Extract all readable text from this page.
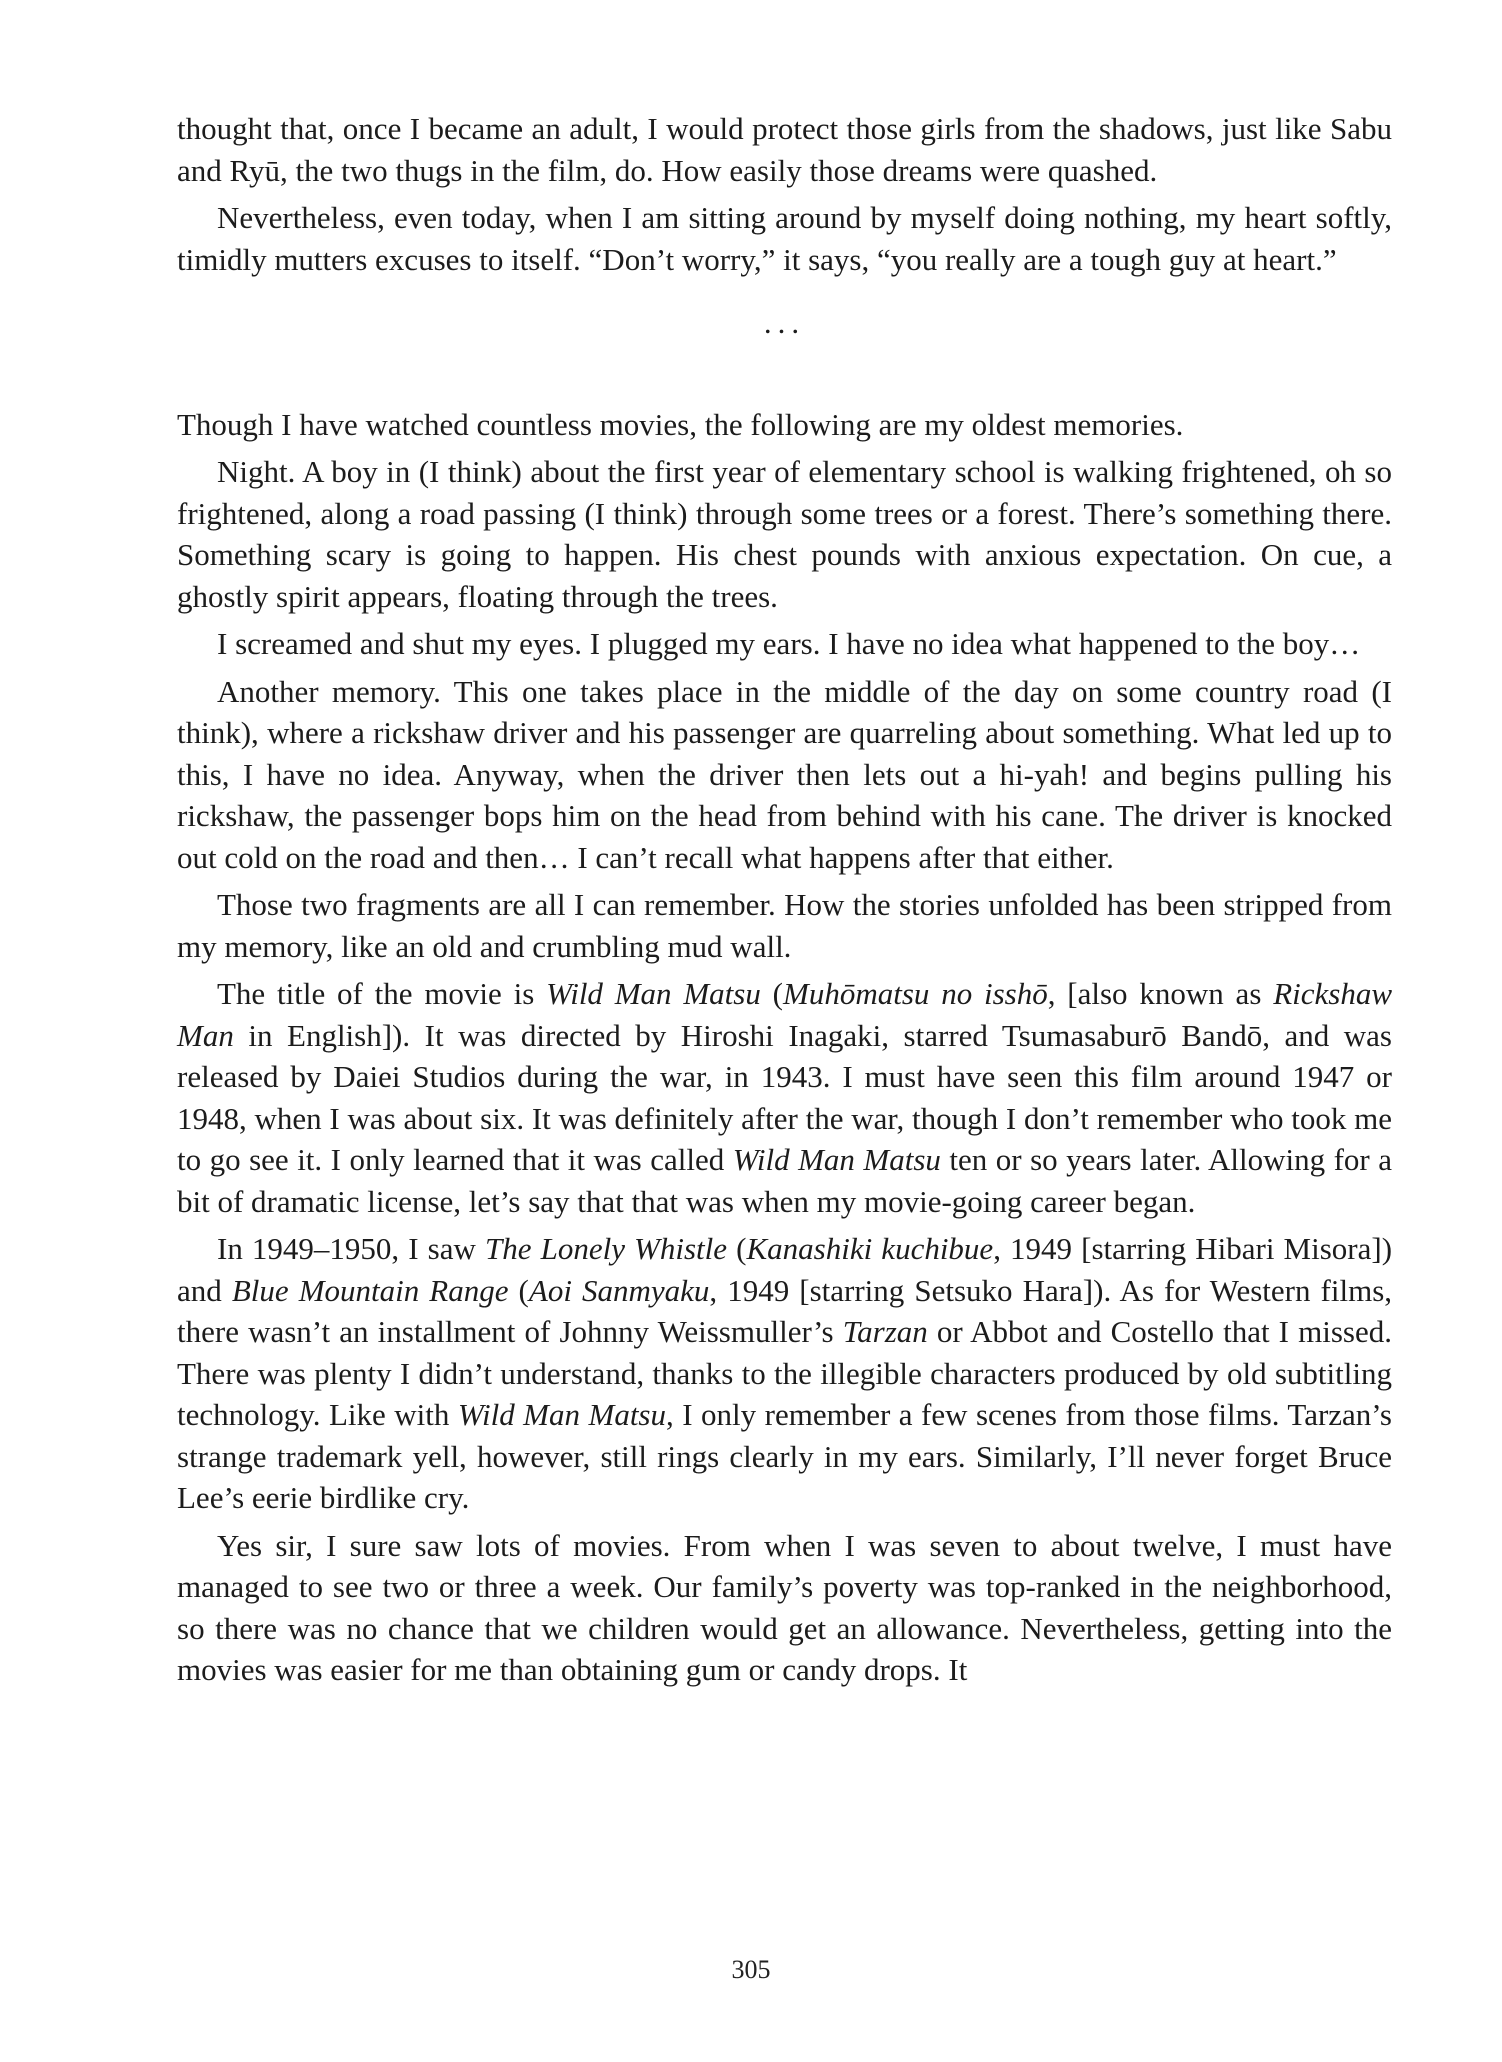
thought that, once I became an adult, I would protect those girls from the shadows, just like Sabu and Ryū, the two thugs in the film, do. How easily those dreams were quashed.

Nevertheless, even today, when I am sitting around by myself doing nothing, my heart softly, timidly mutters excuses to itself. “Don’t worry,” it says, “you really are a tough guy at heart.”

...

Though I have watched countless movies, the following are my oldest memories.

Night. A boy in (I think) about the first year of elementary school is walking frightened, oh so frightened, along a road passing (I think) through some trees or a forest. There’s something there. Something scary is going to happen. His chest pounds with anxious expectation. On cue, a ghostly spirit appears, floating through the trees.

I screamed and shut my eyes. I plugged my ears. I have no idea what happened to the boy…

Another memory. This one takes place in the middle of the day on some country road (I think), where a rickshaw driver and his passenger are quarreling about something. What led up to this, I have no idea. Anyway, when the driver then lets out a hi-yah! and begins pulling his rickshaw, the passenger bops him on the head from behind with his cane. The driver is knocked out cold on the road and then… I can’t recall what happens after that either.

Those two fragments are all I can remember. How the stories unfolded has been stripped from my memory, like an old and crumbling mud wall.

The title of the movie is Wild Man Matsu (Muhōmatsu no isshō, [also known as Rickshaw Man in English]). It was directed by Hiroshi Inagaki, starred Tsumasaburō Bandō, and was released by Daiei Studios during the war, in 1943. I must have seen this film around 1947 or 1948, when I was about six. It was definitely after the war, though I don’t remember who took me to go see it. I only learned that it was called Wild Man Matsu ten or so years later. Allowing for a bit of dramatic license, let’s say that that was when my movie-going career began.

In 1949–1950, I saw The Lonely Whistle (Kanashiki kuchibue, 1949 [starring Hibari Misora]) and Blue Mountain Range (Aoi Sanmyaku, 1949 [starring Setsuko Hara]). As for Western films, there wasn’t an installment of Johnny Weissmuller’s Tarzan or Abbot and Costello that I missed. There was plenty I didn’t understand, thanks to the illegible characters produced by old subtitling technology. Like with Wild Man Matsu, I only remember a few scenes from those films. Tarzan’s strange trademark yell, however, still rings clearly in my ears. Similarly, I’ll never forget Bruce Lee’s eerie birdlike cry.

Yes sir, I sure saw lots of movies. From when I was seven to about twelve, I must have managed to see two or three a week. Our family’s poverty was top-ranked in the neighborhood, so there was no chance that we children would get an allowance. Nevertheless, getting into the movies was easier for me than obtaining gum or candy drops. It

305
